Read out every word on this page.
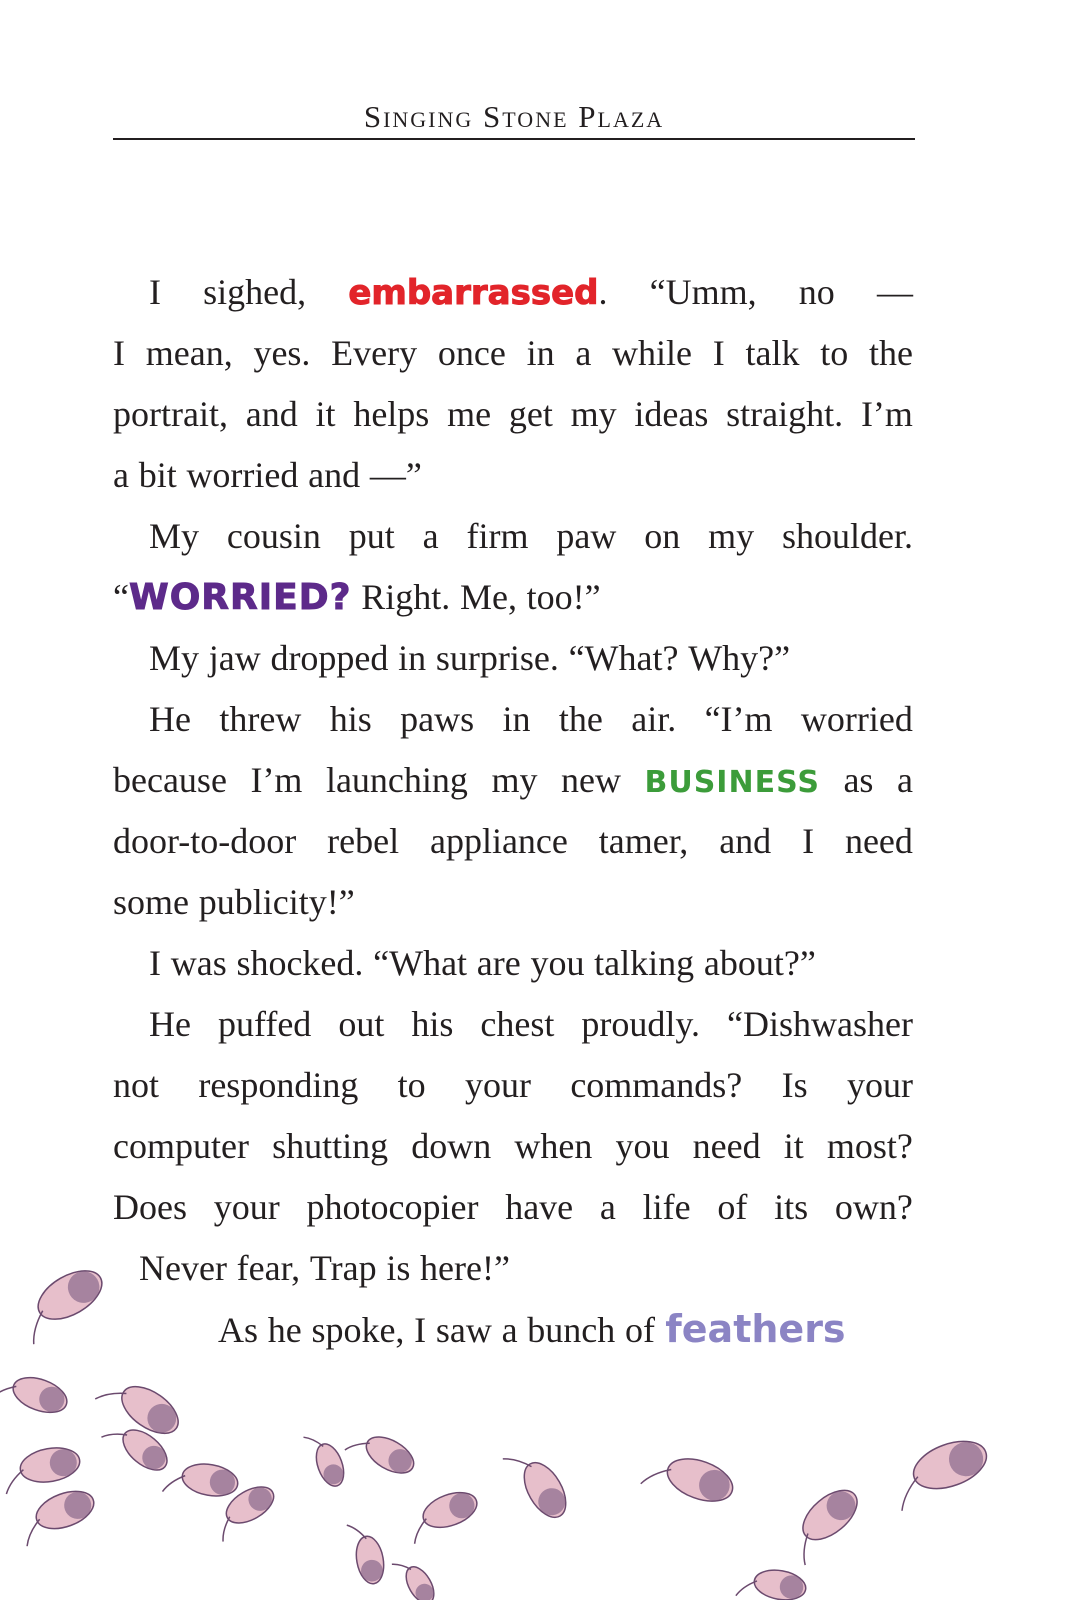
Singing Stone Plaza
I sighed, embarrassed. “Umm, no —
I mean, yes. Every once in a while I talk to the
portrait, and it helps me get my ideas straight. I’m
a bit worried and —”
My cousin put a firm paw on my shoulder.
“ WORRIED? Right. Me, too!”
My jaw dropped in surprise. “What? Why?”
He threw his paws in the air. “I’m worried
because I’m launching my new BUSINESS as a
door-to-door rebel appliance tamer, and I need
some publicity!”
I was shocked. “What are you talking about?”
He puffed out his chest proudly. “Dishwasher
not responding to your commands? Is your
computer shutting down when you need it most?
Does your photocopier have a life of its own?
Never fear, Trap is here!”
As he spoke, I saw a bunch of feathers
